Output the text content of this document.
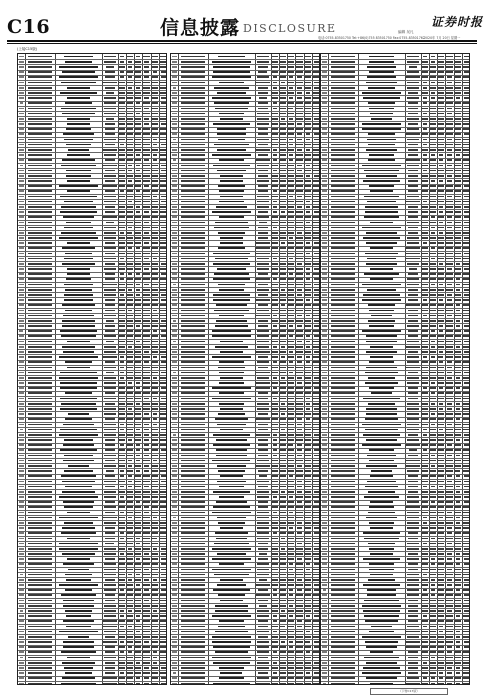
C16	信息披露 DISCLOSURE	编辑 吴凡
证券时报
电话:0755-83501750 Tel:+86(0)755 83501750 Fax:0755-83501762 2020年 7月 20日 星期一
(上接C15版)
（下转C17版）
